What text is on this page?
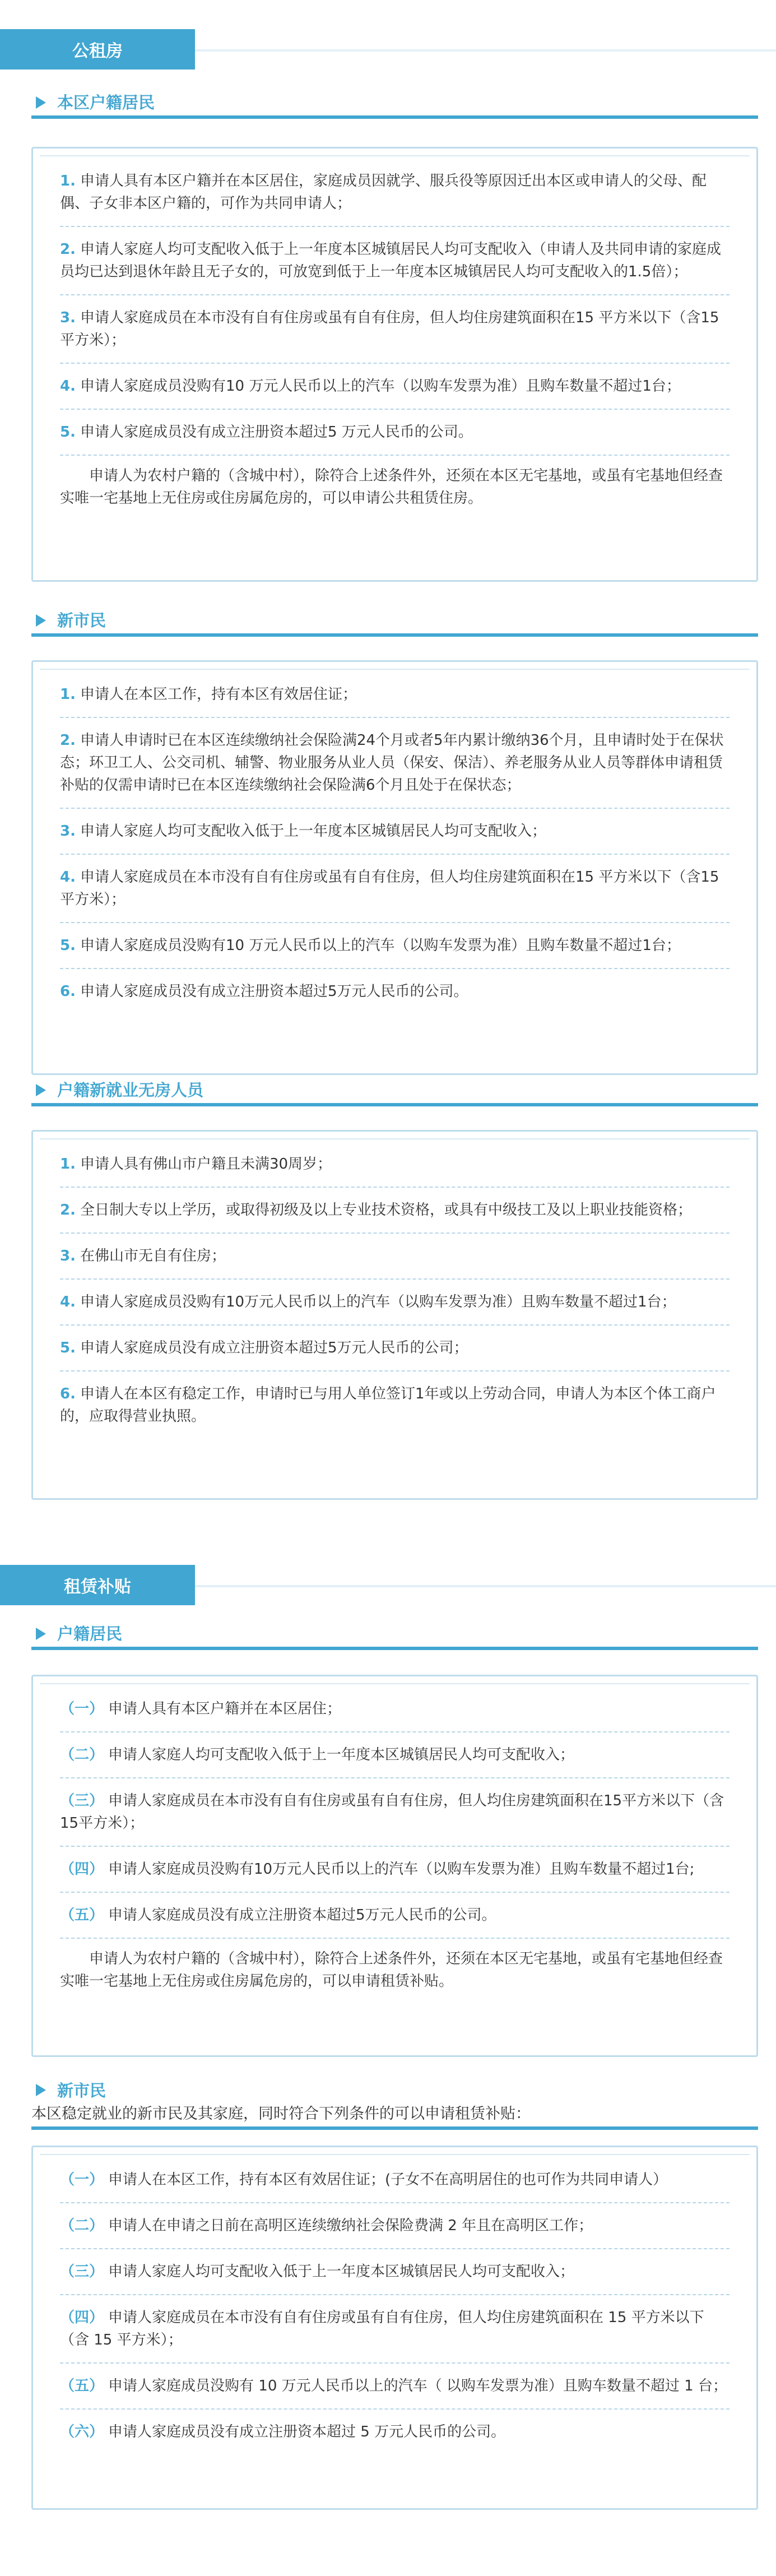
公租房
本区户籍居民
1. 申请人具有本区户籍并在本区居住，家庭成员因就学、服兵役等原因迁出本区或申请人的父母、配偶、子女非本区户籍的，可作为共同申请人；
2. 申请人家庭人均可支配收入低于上一年度本区城镇居民人均可支配收入（申请人及共同申请的家庭成员均已达到退休年龄且无子女的，可放宽到低于上一年度本区城镇居民人均可支配收入的1.5倍）；
3. 申请人家庭成员在本市没有自有住房或虽有自有住房，但人均住房建筑面积在15 平方米以下（含15 平方米）；
4. 申请人家庭成员没购有10 万元人民币以上的汽车（以购车发票为准）且购车数量不超过1台；
5. 申请人家庭成员没有成立注册资本超过5 万元人民币的公司。
申请人为农村户籍的（含城中村），除符合上述条件外，还须在本区无宅基地，或虽有宅基地但经查实唯一宅基地上无住房或住房属危房的，可以申请公共租赁住房。
新市民
1. 申请人在本区工作，持有本区有效居住证；
2. 申请人申请时已在本区连续缴纳社会保险满24个月或者5年内累计缴纳36个月，且申请时处于在保状态；环卫工人、公交司机、辅警、物业服务从业人员（保安、保洁）、养老服务从业人员等群体申请租赁补贴的仅需申请时已在本区连续缴纳社会保险满6个月且处于在保状态；
3. 申请人家庭人均可支配收入低于上一年度本区城镇居民人均可支配收入；
4. 申请人家庭成员在本市没有自有住房或虽有自有住房，但人均住房建筑面积在15 平方米以下（含15 平方米）；
5. 申请人家庭成员没购有10 万元人民币以上的汽车（以购车发票为准）且购车数量不超过1台；
6. 申请人家庭成员没有成立注册资本超过5万元人民币的公司。
户籍新就业无房人员
1. 申请人具有佛山市户籍且未满30周岁；
2. 全日制大专以上学历，或取得初级及以上专业技术资格，或具有中级技工及以上职业技能资格；
3. 在佛山市无自有住房；
4. 申请人家庭成员没购有10万元人民币以上的汽车（以购车发票为准）且购车数量不超过1台；
5. 申请人家庭成员没有成立注册资本超过5万元人民币的公司；
6. 申请人在本区有稳定工作，申请时已与用人单位签订1年或以上劳动合同，申请人为本区个体工商户的，应取得营业执照。
租赁补贴
户籍居民
（一） 申请人具有本区户籍并在本区居住；
（二） 申请人家庭人均可支配收入低于上一年度本区城镇居民人均可支配收入；
（三） 申请人家庭成员在本市没有自有住房或虽有自有住房，但人均住房建筑面积在15平方米以下（含15平方米）；
（四） 申请人家庭成员没购有10万元人民币以上的汽车（以购车发票为准）且购车数量不超过1台;
（五） 申请人家庭成员没有成立注册资本超过5万元人民币的公司。
申请人为农村户籍的（含城中村），除符合上述条件外，还须在本区无宅基地，或虽有宅基地但经查实唯一宅基地上无住房或住房属危房的，可以申请租赁补贴。
新市民
本区稳定就业的新市民及其家庭，同时符合下列条件的可以申请租赁补贴：
（一） 申请人在本区工作，持有本区有效居住证；(子女不在高明居住的也可作为共同申请人）
（二） 申请人在申请之日前在高明区连续缴纳社会保险费满 2 年且在高明区工作；
（三） 申请人家庭人均可支配收入低于上一年度本区城镇居民人均可支配收入；
（四） 申请人家庭成员在本市没有自有住房或虽有自有住房，但人均住房建筑面积在 15 平方米以下（含 15 平方米）；
（五） 申请人家庭成员没购有 10 万元人民币以上的汽车（ 以购车发票为准）且购车数量不超过 1 台；
（六） 申请人家庭成员没有成立注册资本超过 5 万元人民币的公司。
